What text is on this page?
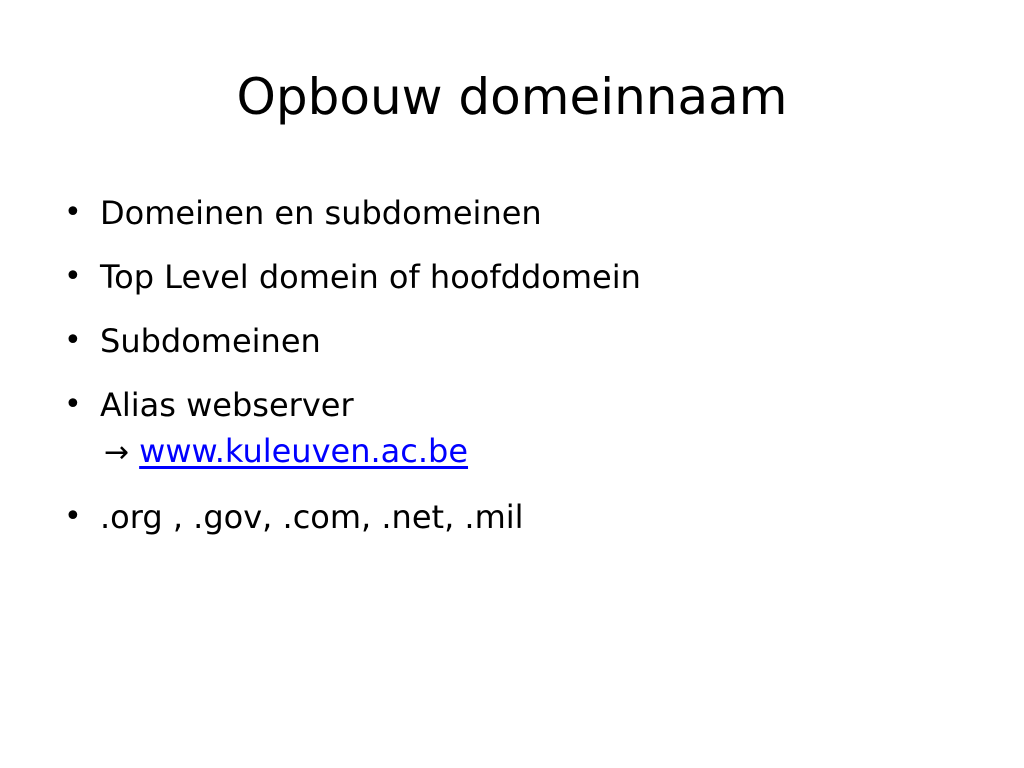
Opbouw domeinnaam
• Domeinen en subdomeinen
• Top Level domein of hoofddomein
• Subdomeinen
• Alias webserver
→ www.kuleuven.ac.be
• .org , .gov, .com, .net, .mil
